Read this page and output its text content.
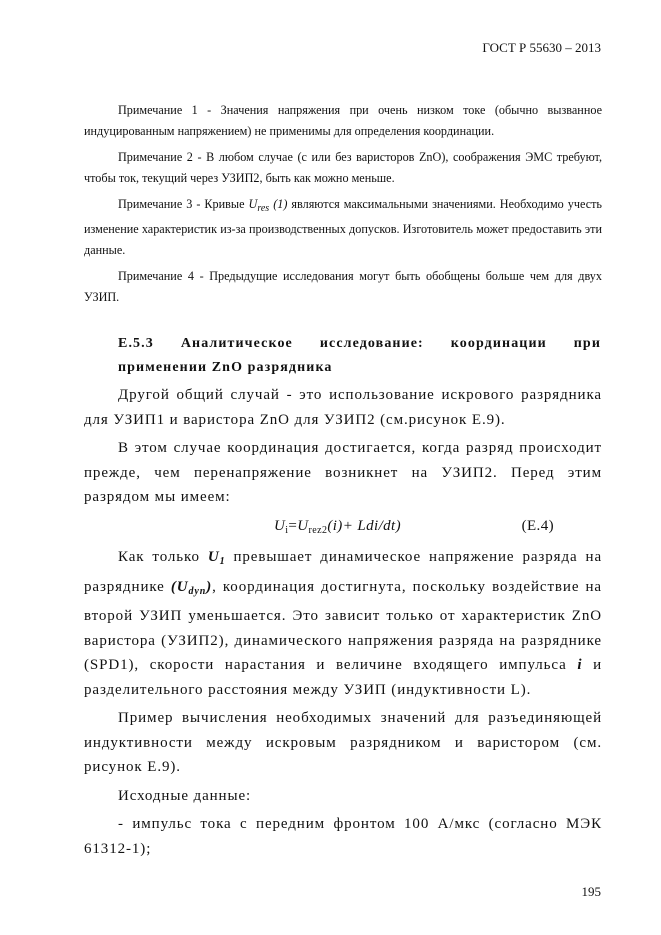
ГОСТ Р 55630 – 2013

Примечание 1 - Значения напряжения при очень низком токе (обычно вызванное индуцированным напряжением) не применимы для определения координации.

Примечание 2 - В любом случае (с или без варисторов ZnO), соображения ЭМС требуют, чтобы ток, текущий через УЗИП2, быть как можно меньше.

Примечание 3 - Кривые $U_{res}$ (1) являются максимальными значениями. Необходимо учесть изменение характеристик из-за производственных допусков. Изготовитель может предоставить эти данные.

Примечание 4 - Предыдущие исследования могут быть обобщены больше чем для двух УЗИП.

Е.5.3 Аналитическое исследование: координации при применении ZnO разрядника

Другой общий случай - это использование искрового разрядника для УЗИП1 и варистора ZnO для УЗИП2 (см.рисунок Е.9).

В этом случае координация достигается, когда разряд происходит прежде, чем перенапряжение возникнет на УЗИП2. Перед этим разрядом мы имеем:

$U_i=U_{rez2}(i)+ Ldi/dt$)	(E.4)

Как только $U_1$ превышает динамическое напряжение разряда на разряднике $(U_{dyn})$, координация достигнута, поскольку воздействие на второй УЗИП уменьшается. Это зависит только от характеристик ZnO варистора (УЗИП2), динамического напряжения разряда на разряднике (SPD1), скорости нарастания и величине входящего импульса i и разделительного расстояния между УЗИП (индуктивности L).

Пример вычисления необходимых значений для разъединяющей индуктивности между искровым разрядником и варистором (см. рисунок Е.9).

Исходные данные:

- импульс тока с передним фронтом 100 А/мкс (согласно МЭК 61312-1);

195
